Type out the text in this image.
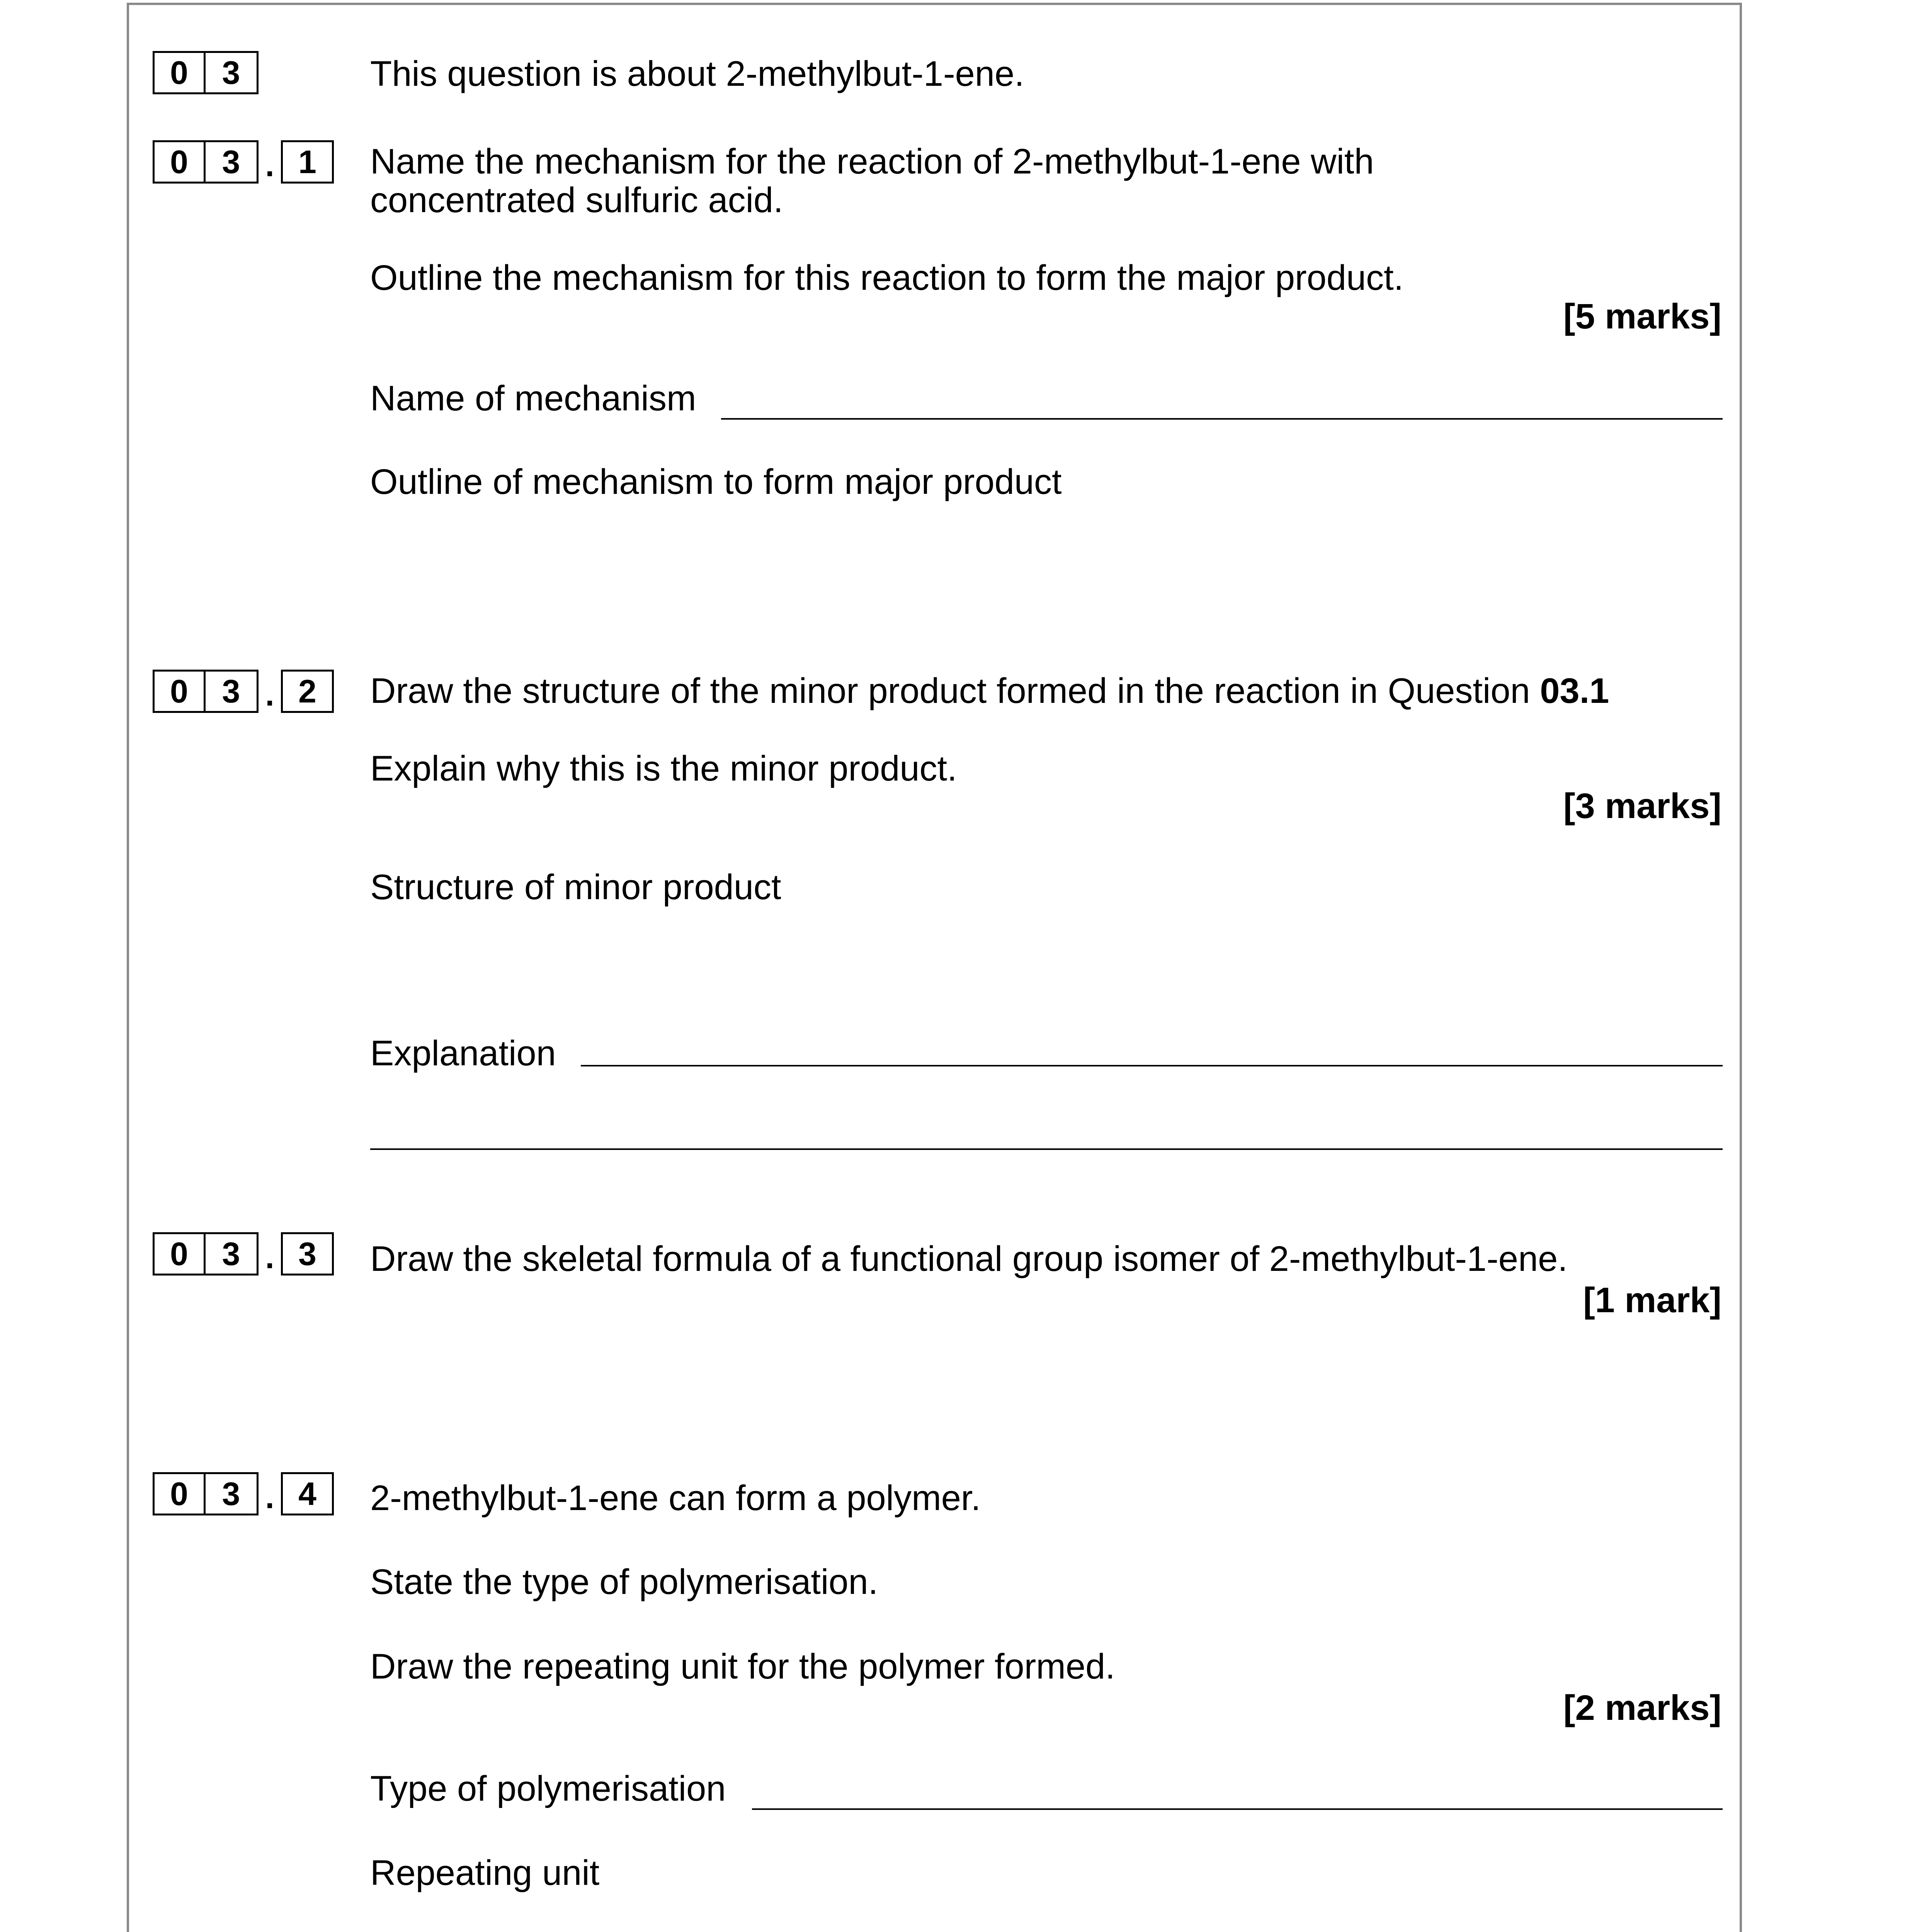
0	3	This question is about 2-methylbut-1-ene.
0	3 . 1	Name the mechanism for the reaction of 2-methylbut-1-ene with
concentrated sulfuric acid.
Outline the mechanism for this reaction to form the major product.
[5 marks]
Name of mechanism
Outline of mechanism to form major product
0	3 . 2	Draw the structure of the minor product formed in the reaction in Question 03.1
Explain why this is the minor product.
[3 marks]
Structure of minor product
Explanation
0	3 . 3	Draw the skeletal formula of a functional group isomer of 2-methylbut-1-ene.
[1 mark]
0	3 . 4	2-methylbut-1-ene can form a polymer.
State the type of polymerisation.
Draw the repeating unit for the polymer formed.
[2 marks]
Type of polymerisation
Repeating unit
